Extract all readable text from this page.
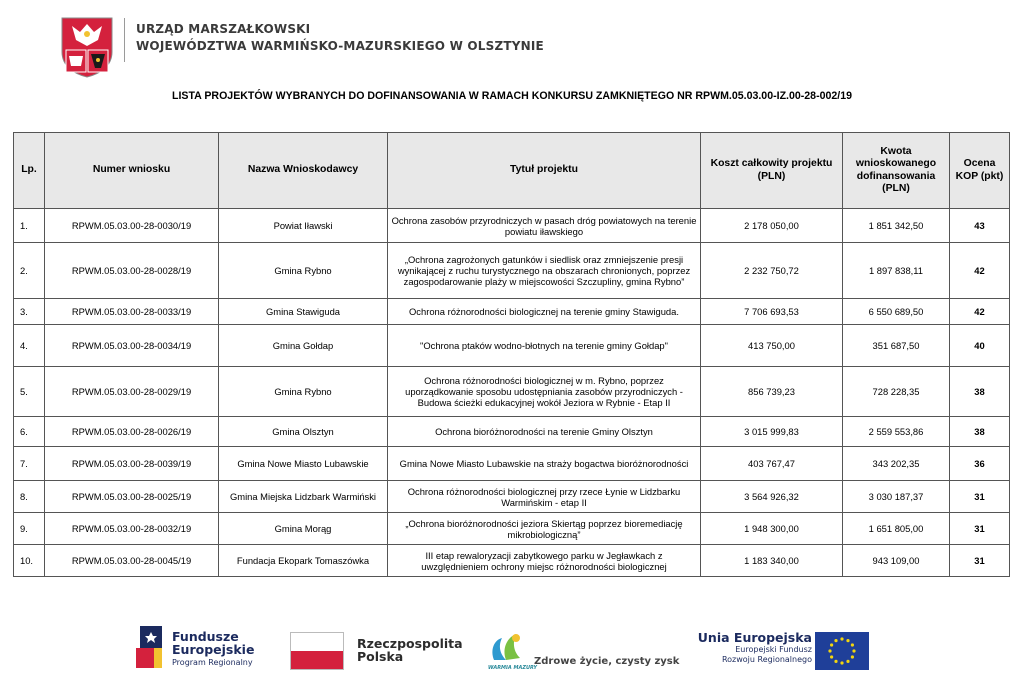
URZĄD MARSZAŁKOWSKI
WOJEWÓDZTWA WARMIŃSKO-MAZURSKIEGO W OLSZTYNIE
LISTA PROJEKTÓW WYBRANYCH DO DOFINANSOWANIA W RAMACH KONKURSU ZAMKNIĘTEGO NR RPWM.05.03.00-IZ.00-28-002/19
Lp.	Numer wniosku	Nazwa Wnioskodawcy	Tytuł projektu	Koszt całkowity projektu (PLN)	Kwota wnioskowanego dofinansowania (PLN)	Ocena KOP (pkt)
1.	RPWM.05.03.00-28-0030/19	Powiat Iławski	Ochrona zasobów przyrodniczych w pasach dróg powiatowych na terenie powiatu iławskiego	2 178 050,00	1 851 342,50	43
2.	RPWM.05.03.00-28-0028/19	Gmina Rybno	„Ochrona zagrożonych gatunków i siedlisk oraz zmniejszenie presji wynikającej z ruchu turystycznego na obszarach chronionych, poprzez zagospodarowanie plaży w miejscowości Szczupliny, gmina Rybno”	2 232 750,72	1 897 838,11	42
3.	RPWM.05.03.00-28-0033/19	Gmina Stawiguda	Ochrona różnorodności biologicznej na terenie gminy Stawiguda.	7 706 693,53	6 550 689,50	42
4.	RPWM.05.03.00-28-0034/19	Gmina Gołdap	"Ochrona ptaków wodno-błotnych na terenie gminy Gołdap"	413 750,00	351 687,50	40
5.	RPWM.05.03.00-28-0029/19	Gmina Rybno	Ochrona różnorodności biologicznej w m. Rybno, poprzez uporządkowanie sposobu udostępniania zasobów przyrodniczych - Budowa ścieżki edukacyjnej wokół Jeziora w Rybnie - Etap II	856 739,23	728 228,35	38
6.	RPWM.05.03.00-28-0026/19	Gmina Olsztyn	Ochrona bioróżnorodności na terenie Gminy Olsztyn	3 015 999,83	2 559 553,86	38
7.	RPWM.05.03.00-28-0039/19	Gmina Nowe Miasto Lubawskie	Gmina Nowe Miasto Lubawskie na straży bogactwa bioróżnorodności	403 767,47	343 202,35	36
8.	RPWM.05.03.00-28-0025/19	Gmina Miejska Lidzbark Warmiński	Ochrona różnorodności biologicznej przy rzece Łynie w Lidzbarku Warmińskim - etap II	3 564 926,32	3 030 187,37	31
9.	RPWM.05.03.00-28-0032/19	Gmina Morąg	„Ochrona bioróżnorodności jeziora Skiertąg poprzez bioremediację mikrobiologiczną”	1 948 300,00	1 651 805,00	31
10.	RPWM.05.03.00-28-0045/19	Fundacja Ekopark Tomaszówka	III etap rewaloryzacji zabytkowego parku w Jegławkach z uwzględnieniem ochrony miejsc różnorodności biologicznej	1 183 340,00	943 109,00	31
Fundusze
Europejskie
Program Regionalny
Rzeczpospolita
Polska
WARMIA MAZURY
Zdrowe życie, czysty zysk
Unia Europejska
Europejski Fundusz
Rozwoju Regionalnego
